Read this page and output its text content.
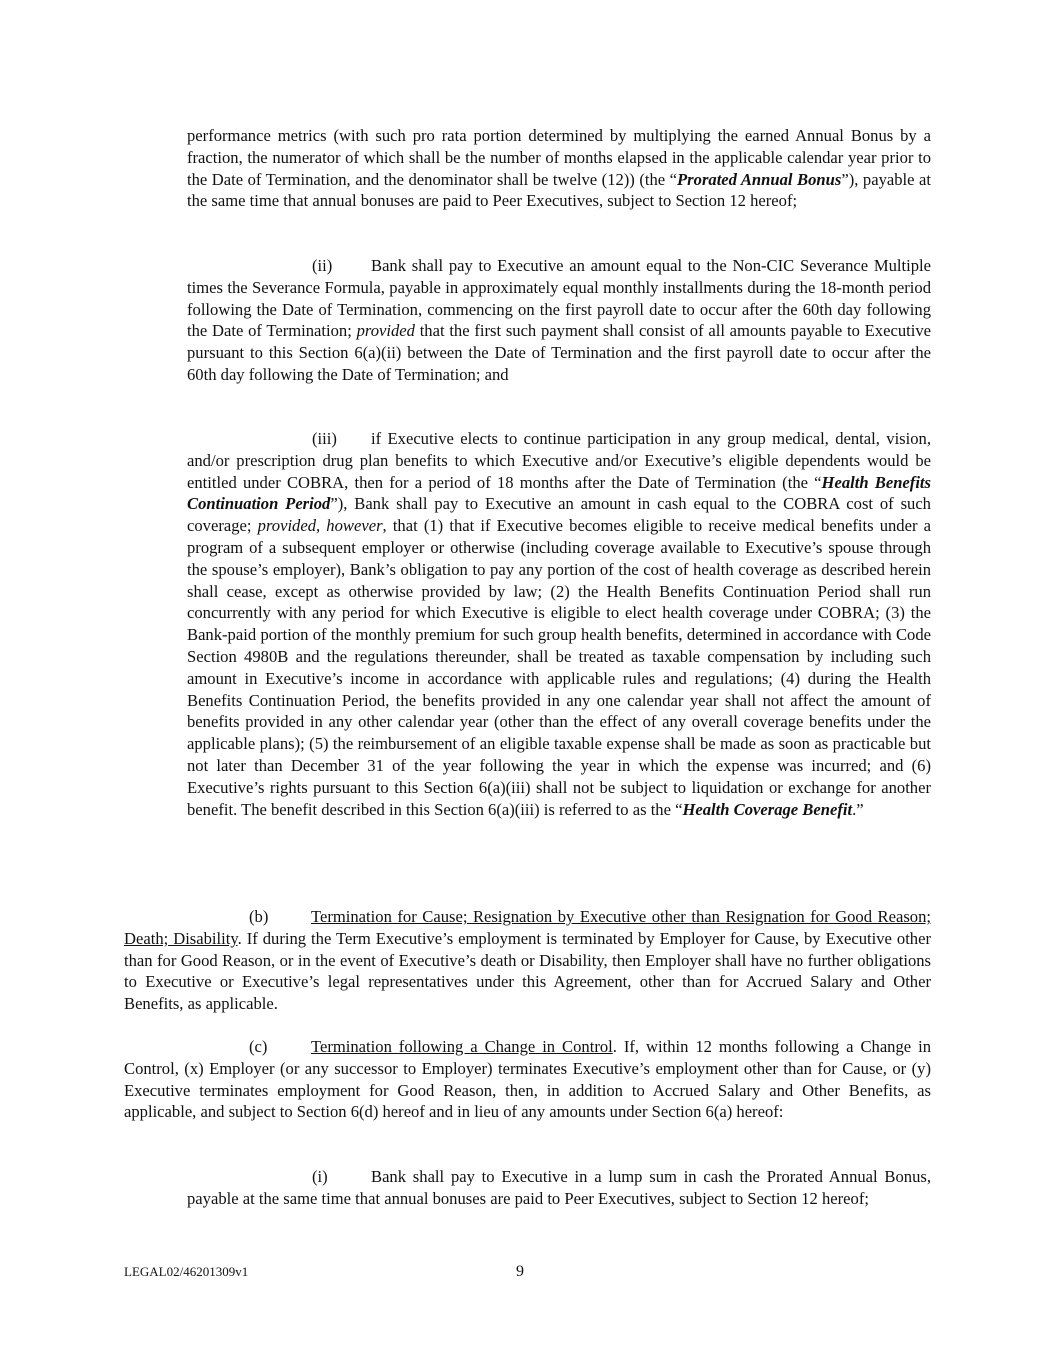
performance metrics (with such pro rata portion determined by multiplying the earned Annual Bonus by a fraction, the numerator of which shall be the number of months elapsed in the applicable calendar year prior to the Date of Termination, and the denominator shall be twelve (12)) (the “Prorated Annual Bonus”), payable at the same time that annual bonuses are paid to Peer Executives, subject to Section 12 hereof;

(ii) Bank shall pay to Executive an amount equal to the Non-CIC Severance Multiple times the Severance Formula, payable in approximately equal monthly installments during the 18-month period following the Date of Termination, commencing on the first payroll date to occur after the 60th day following the Date of Termination; provided that the first such payment shall consist of all amounts payable to Executive pursuant to this Section 6(a)(ii) between the Date of Termination and the first payroll date to occur after the 60th day following the Date of Termination; and

(iii) if Executive elects to continue participation in any group medical, dental, vision, and/or prescription drug plan benefits to which Executive and/or Executive’s eligible dependents would be entitled under COBRA, then for a period of 18 months after the Date of Termination (the “Health Benefits Continuation Period”), Bank shall pay to Executive an amount in cash equal to the COBRA cost of such coverage; provided, however, that (1) that if Executive becomes eligible to receive medical benefits under a program of a subsequent employer or otherwise (including coverage available to Executive’s spouse through the spouse’s employer), Bank’s obligation to pay any portion of the cost of health coverage as described herein shall cease, except as otherwise provided by law; (2) the Health Benefits Continuation Period shall run concurrently with any period for which Executive is eligible to elect health coverage under COBRA; (3) the Bank-paid portion of the monthly premium for such group health benefits, determined in accordance with Code Section 4980B and the regulations thereunder, shall be treated as taxable compensation by including such amount in Executive’s income in accordance with applicable rules and regulations; (4) during the Health Benefits Continuation Period, the benefits provided in any one calendar year shall not affect the amount of benefits provided in any other calendar year (other than the effect of any overall coverage benefits under the applicable plans); (5) the reimbursement of an eligible taxable expense shall be made as soon as practicable but not later than December 31 of the year following the year in which the expense was incurred; and (6) Executive’s rights pursuant to this Section 6(a)(iii) shall not be subject to liquidation or exchange for another benefit. The benefit described in this Section 6(a)(iii) is referred to as the “Health Coverage Benefit.”

(b)	Termination for Cause; Resignation by Executive other than Resignation for Good Reason; Death; Disability. If during the Term Executive’s employment is terminated by Employer for Cause, by Executive other than for Good Reason, or in the event of Executive’s death or Disability, then Employer shall have no further obligations to Executive or Executive’s legal representatives under this Agreement, other than for Accrued Salary and Other Benefits, as applicable.

(c)	Termination following a Change in Control. If, within 12 months following a Change in Control, (x) Employer (or any successor to Employer) terminates Executive’s employment other than for Cause, or (y) Executive terminates employment for Good Reason, then, in addition to Accrued Salary and Other Benefits, as applicable, and subject to Section 6(d) hereof and in lieu of any amounts under Section 6(a) hereof:

(i)	Bank shall pay to Executive in a lump sum in cash the Prorated Annual Bonus, payable at the same time that annual bonuses are paid to Peer Executives, subject to Section 12 hereof;

LEGAL02/46201309v1	9
